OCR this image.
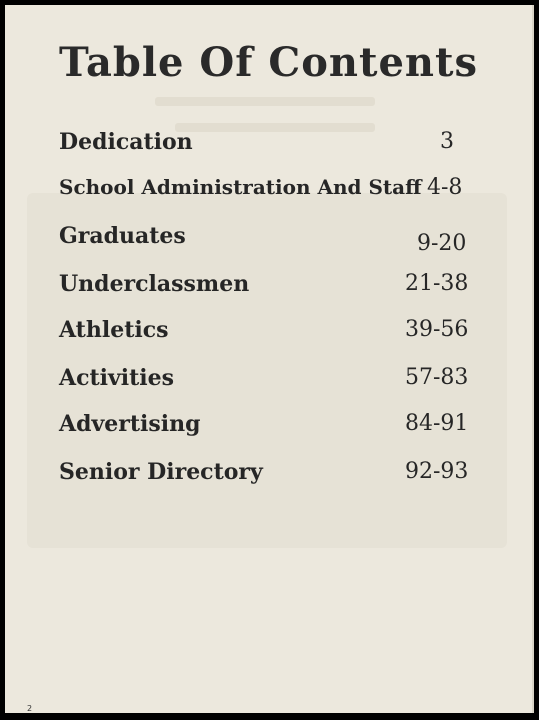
Table Of Contents
Dedication	3
School Administration And Staff 4-8
Graduates	9-20
Underclassmen	21-38
Athletics	39-56
Activities	57-83
Advertising	84-91
Senior Directory	92-93
2
